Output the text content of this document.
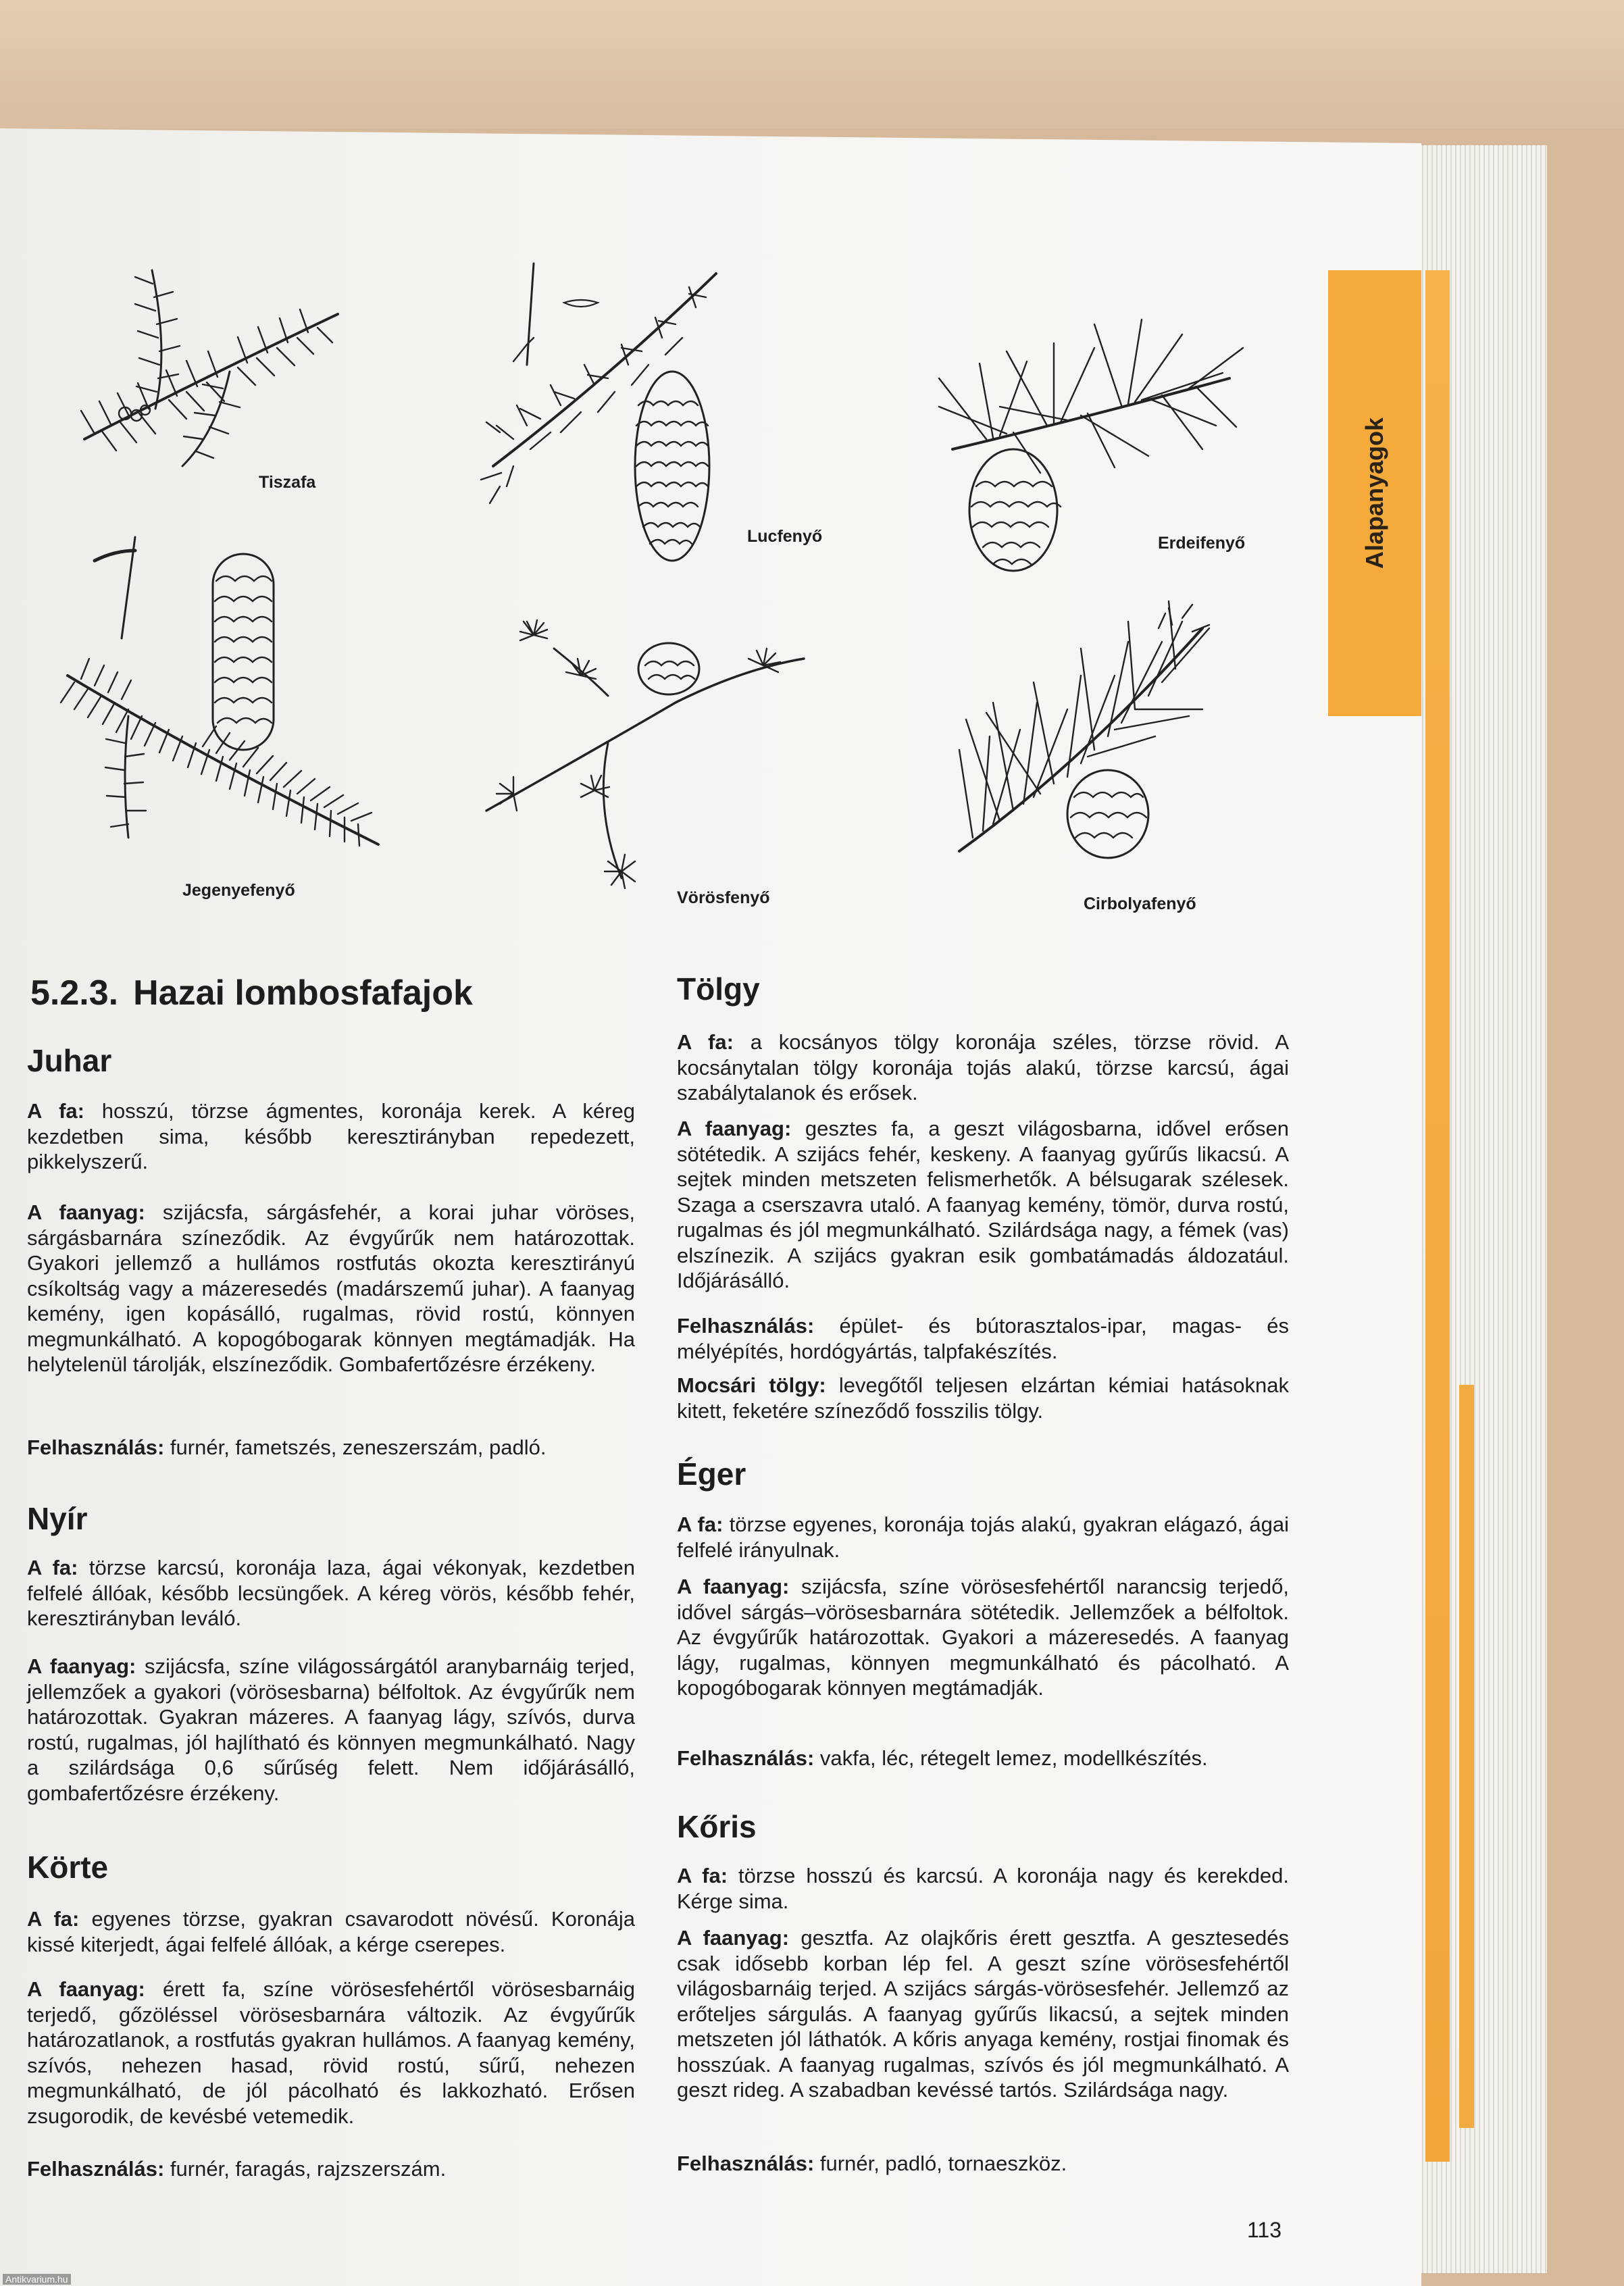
Alapanyagok
Tiszafa
Lucfenyő	Erdeifenyő
Jegenyefenyő	Vörösfenyő	Cirbolyafenyő
5.2.3. Hazai lombosfafajok
Juhar

A fa: hosszú, törzse ágmentes, koronája kerek. A kéreg kezdetben sima, később keresztirányban repedezett, pikkelyszerű.

A faanyag: szijácsfa, sárgásfehér, a korai juhar vöröses, sárgásbarnára színeződik. Az évgyűrűk nem határozottak. Gyakori jellemző a hullámos rostfutás okozta keresztirányú csíkoltság vagy a mázeresedés (madárszemű juhar). A faanyag kemény, igen kopásálló, rugalmas, rövid rostú, könnyen megmunkálható. A kopogóbogarak könnyen megtámadják. Ha helytelenül tárolják, elszíneződik. Gombafertőzésre érzékeny.

Felhasználás: furnér, fametszés, zeneszerszám, padló.

Nyír

A fa: törzse karcsú, koronája laza, ágai vékonyak, kezdetben felfelé állóak, később lecsüngőek. A kéreg vörös, később fehér, keresztirányban leváló.

A faanyag: szijácsfa, színe világossárgától aranybarnáig terjed, jellemzőek a gyakori (vörösesbarna) bélfoltok. Az évgyűrűk nem határozottak. Gyakran mázeres. A faanyag lágy, szívós, durva rostú, rugalmas, jól hajlítható és könnyen megmunkálható. Nagy a szilárdsága 0,6 sűrűség felett. Nem időjárásálló, gombafertőzésre érzékeny.

Körte

A fa: egyenes törzse, gyakran csavarodott növésű. Koronája kissé kiterjedt, ágai felfelé állóak, a kérge cserepes.

A faanyag: érett fa, színe vörösesfehértől vörösesbarnáig terjedő, gőzöléssel vörösesbarnára változik. Az évgyűrűk határozatlanok, a rostfutás gyakran hullámos. A faanyag kemény, szívós, nehezen hasad, rövid rostú, sűrű, nehezen megmunkálható, de jól pácolható és lakkozható. Erősen zsugorodik, de kevésbé vetemedik.

Felhasználás: furnér, faragás, rajzszerszám.

Tölgy

A fa: a kocsányos tölgy koronája széles, törzse rövid. A kocsánytalan tölgy koronája tojás alakú, törzse karcsú, ágai szabálytalanok és erősek.

A faanyag: gesztes fa, a geszt világosbarna, idővel erősen sötétedik. A szijács fehér, keskeny. A faanyag gyűrűs likacsú. A sejtek minden metszeten felismerhetők. A bélsugarak szélesek. Szaga a cserszavra utaló. A faanyag kemény, tömör, durva rostú, rugalmas és jól megmunkálható. Szilárdsága nagy, a fémek (vas) elszínezik. A szijács gyakran esik gombatámadás áldozatául. Időjárásálló.

Felhasználás: épület- és bútorasztalos-ipar, magas- és mélyépítés, hordógyártás, talpfakészítés.

Mocsári tölgy: levegőtől teljesen elzártan kémiai hatásoknak kitett, feketére színeződő fosszilis tölgy.

Éger

A fa: törzse egyenes, koronája tojás alakú, gyakran elágazó, ágai felfelé irányulnak.

A faanyag: szijácsfa, színe vörösesfehértől narancsig terjedő, idővel sárgás–vörösesbarnára sötétedik. Jellemzőek a bélfoltok. Az évgyűrűk határozottak. Gyakori a mázeresedés. A faanyag lágy, rugalmas, könnyen megmunkálható és pácolható. A kopogóbogarak könnyen megtámadják.

Felhasználás: vakfa, léc, rétegelt lemez, modellkészítés.

Kőris

A fa: törzse hosszú és karcsú. A koronája nagy és kerekded. Kérge sima.

A faanyag: gesztfa. Az olajkőris érett gesztfa. A gesztesedés csak idősebb korban lép fel. A geszt színe vörösesfehértől világosbarnáig terjed. A szijács sárgás-vörösesfehér. Jellemző az erőteljes sárgulás. A faanyag gyűrűs likacsú, a sejtek minden metszeten jól láthatók. A kőris anyaga kemény, rostjai finomak és hosszúak. A faanyag rugalmas, szívós és jól megmunkálható. A geszt rideg. A szabadban kevéssé tartós. Szilárdsága nagy.

Felhasználás: furnér, padló, tornaeszköz.

113
Antikvarium.hu
